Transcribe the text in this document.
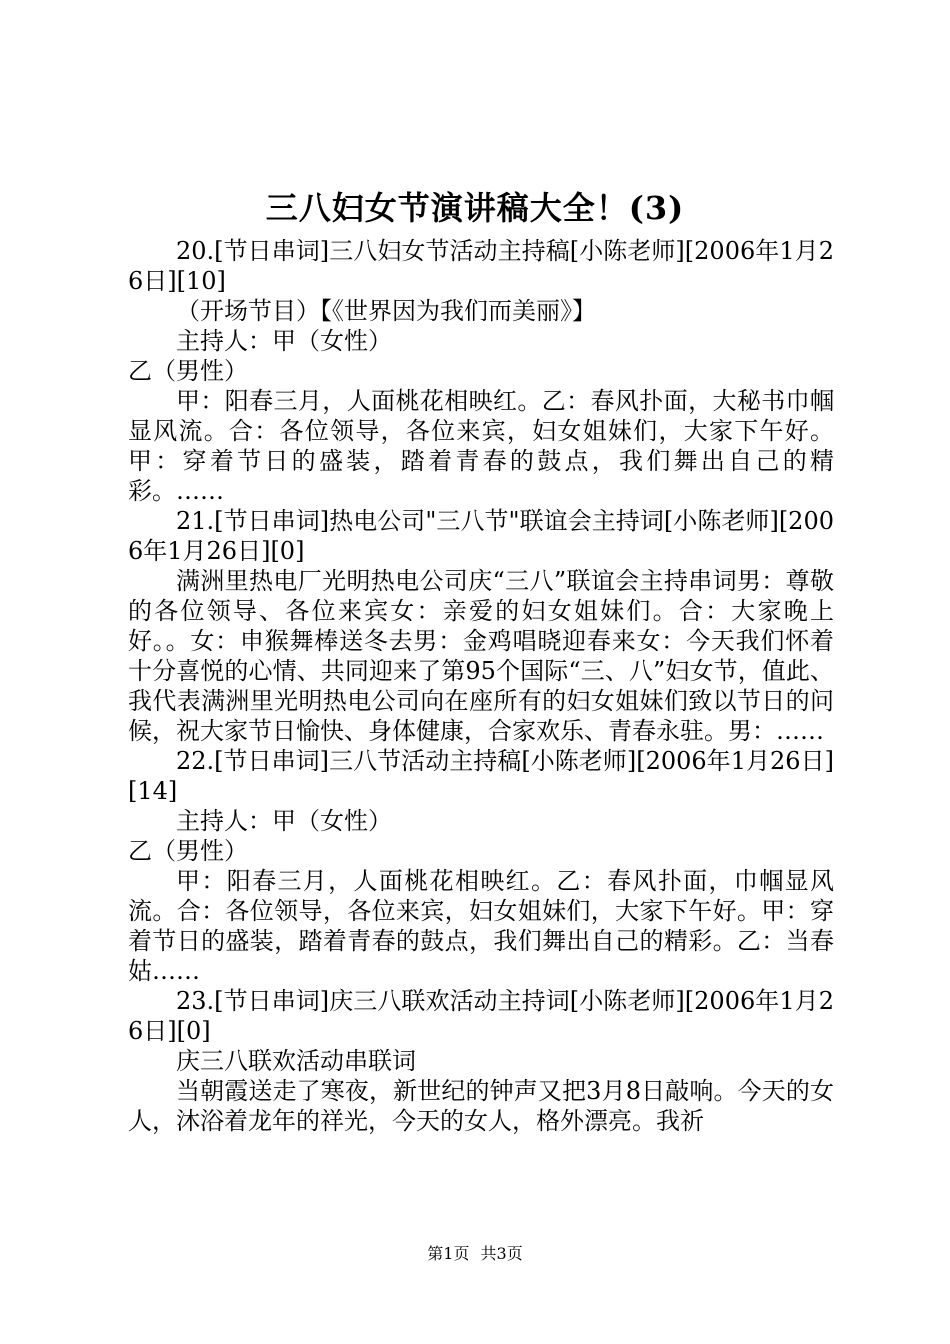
三八妇女节演讲稿大全！(3)

20.[节日串词]三八妇女节活动主持稿[小陈老师][2006年1月26日][10]

（开场节目）【《世界因为我们而美丽》】

主持人：甲（女性）

乙（男性）

甲：阳春三月，人面桃花相映红。乙：春风扑面，大秘书巾帼显风流。合：各位领导，各位来宾，妇女姐妹们，大家下午好。甲：穿着节日的盛装，踏着青春的鼓点，我们舞出自己的精彩。……

21.[节日串词]热电公司"三八节"联谊会主持词[小陈老师][2006年1月26日][0]

满洲里热电厂光明热电公司庆“三八”联谊会主持串词男：尊敬的各位领导、各位来宾女：亲爱的妇女姐妹们。合：大家晚上好。。女：申猴舞棒送冬去男：金鸡唱晓迎春来女：今天我们怀着十分喜悦的心情、共同迎来了第95个国际“三、八”妇女节，值此、我代表满洲里光明热电公司向在座所有的妇女姐妹们致以节日的问候，祝大家节日愉快、身体健康，合家欢乐、青春永驻。男：……

22.[节日串词]三八节活动主持稿[小陈老师][2006年1月26日][14]

主持人：甲（女性）

乙（男性）

甲：阳春三月，人面桃花相映红。乙：春风扑面，巾帼显风流。合：各位领导，各位来宾，妇女姐妹们，大家下午好。甲：穿着节日的盛装，踏着青春的鼓点，我们舞出自己的精彩。乙：当春姑……

23.[节日串词]庆三八联欢活动主持词[小陈老师][2006年1月26日][0]

庆三八联欢活动串联词

当朝霞送走了寒夜，新世纪的钟声又把3月8日敲响。今天的女人，沐浴着龙年的祥光，今天的女人，格外漂亮。我祈

第1页 共3页
